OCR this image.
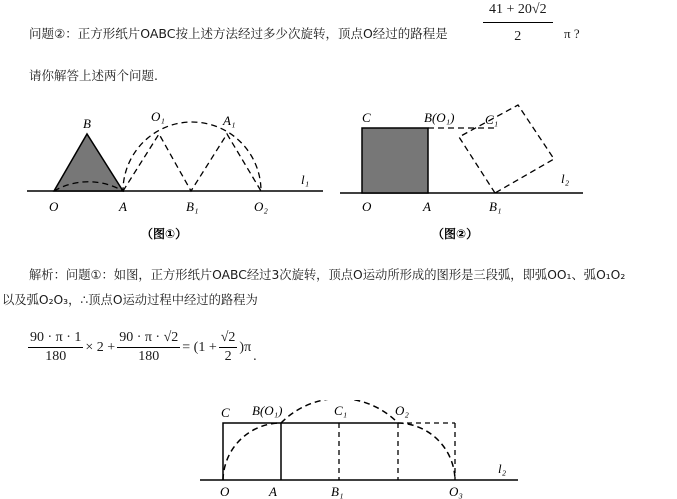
问题②：正方形纸片OABC按上述方法经过多少次旋转，顶点O经过的路程是	$\frac{41 + 20√2}{2}$ π ?
请你解答上述两个问题.
B	O₁	A₁
l₁
O	A	B₁	O₂
（图①）
C	B(O₁) C₁
l₂
O	A	B₁
（图②）
解析：问题①：如图，正方形纸片OABC经过3次旋转，顶点O运动所形成的图形是三段弧，即弧OO₁、弧O₁O₂
以及弧O₂O₃，∴顶点O运动过程中经过的路程为
$\frac{90 \cdot \pi \cdot 1}{180} \times 2 + \frac{90 \cdot \pi \cdot √2}{180} = (1 + \frac{√2}{2} )\pi$
.
C B(O₁)	C₁	O₂
l₂
O	A	B₁	O₃
